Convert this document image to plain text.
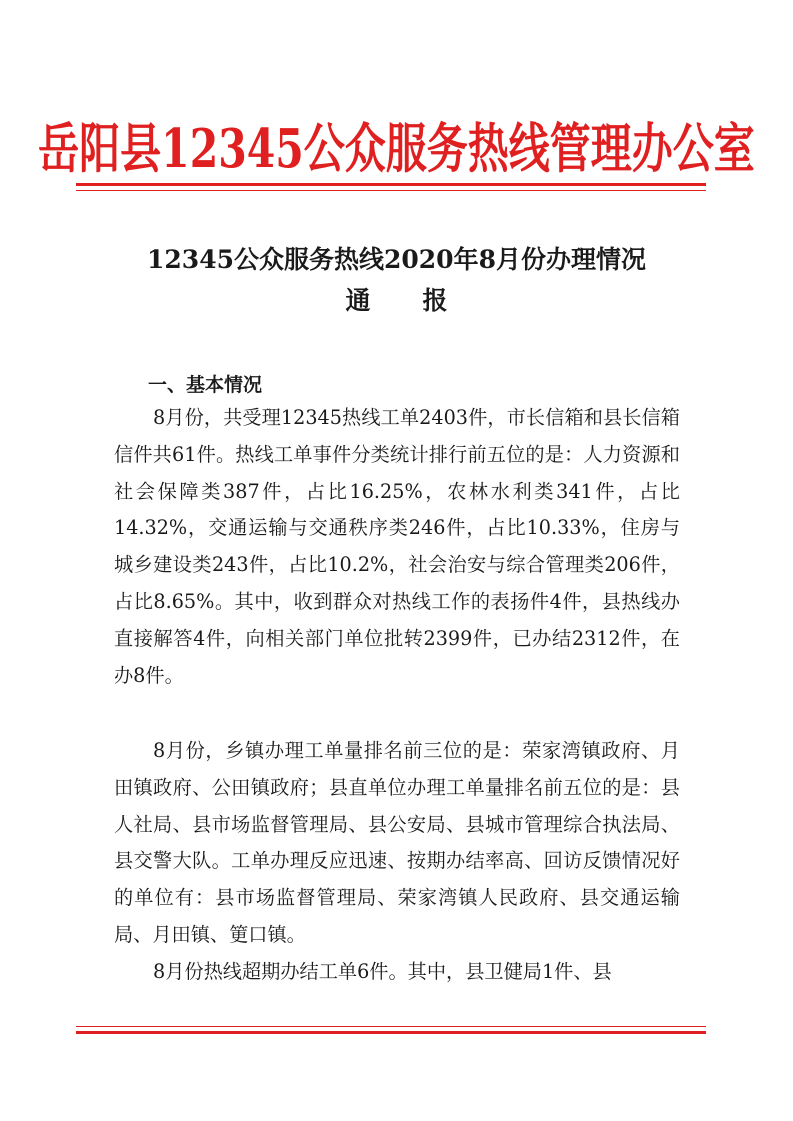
岳阳县12345公众服务热线管理办公室
12345公众服务热线2020年8月份办理情况
通报
一、基本情况

8月份，共受理12345热线工单2403件，市长信箱和县长信箱信件共61件。热线工单事件分类统计排行前五位的是：人力资源和社会保障类387件，占比16.25%，农林水利类341件，占比14.32%，交通运输与交通秩序类246件，占比10.33%，住房与城乡建设类243件，占比10.2%，社会治安与综合管理类206件，占比8.65%。其中，收到群众对热线工作的表扬件4件，县热线办直接解答4件，向相关部门单位批转2399件，已办结2312件，在办8件。

8月份，乡镇办理工单量排名前三位的是：荣家湾镇政府、月田镇政府、公田镇政府；县直单位办理工单量排名前五位的是：县人社局、县市场监督管理局、县公安局、县城市管理综合执法局、县交警大队。工单办理反应迅速、按期办结率高、回访反馈情况好的单位有：县市场监督管理局、荣家湾镇人民政府、县交通运输局、月田镇、筻口镇。

8月份热线超期办结工单6件。其中，县卫健局1件、县
